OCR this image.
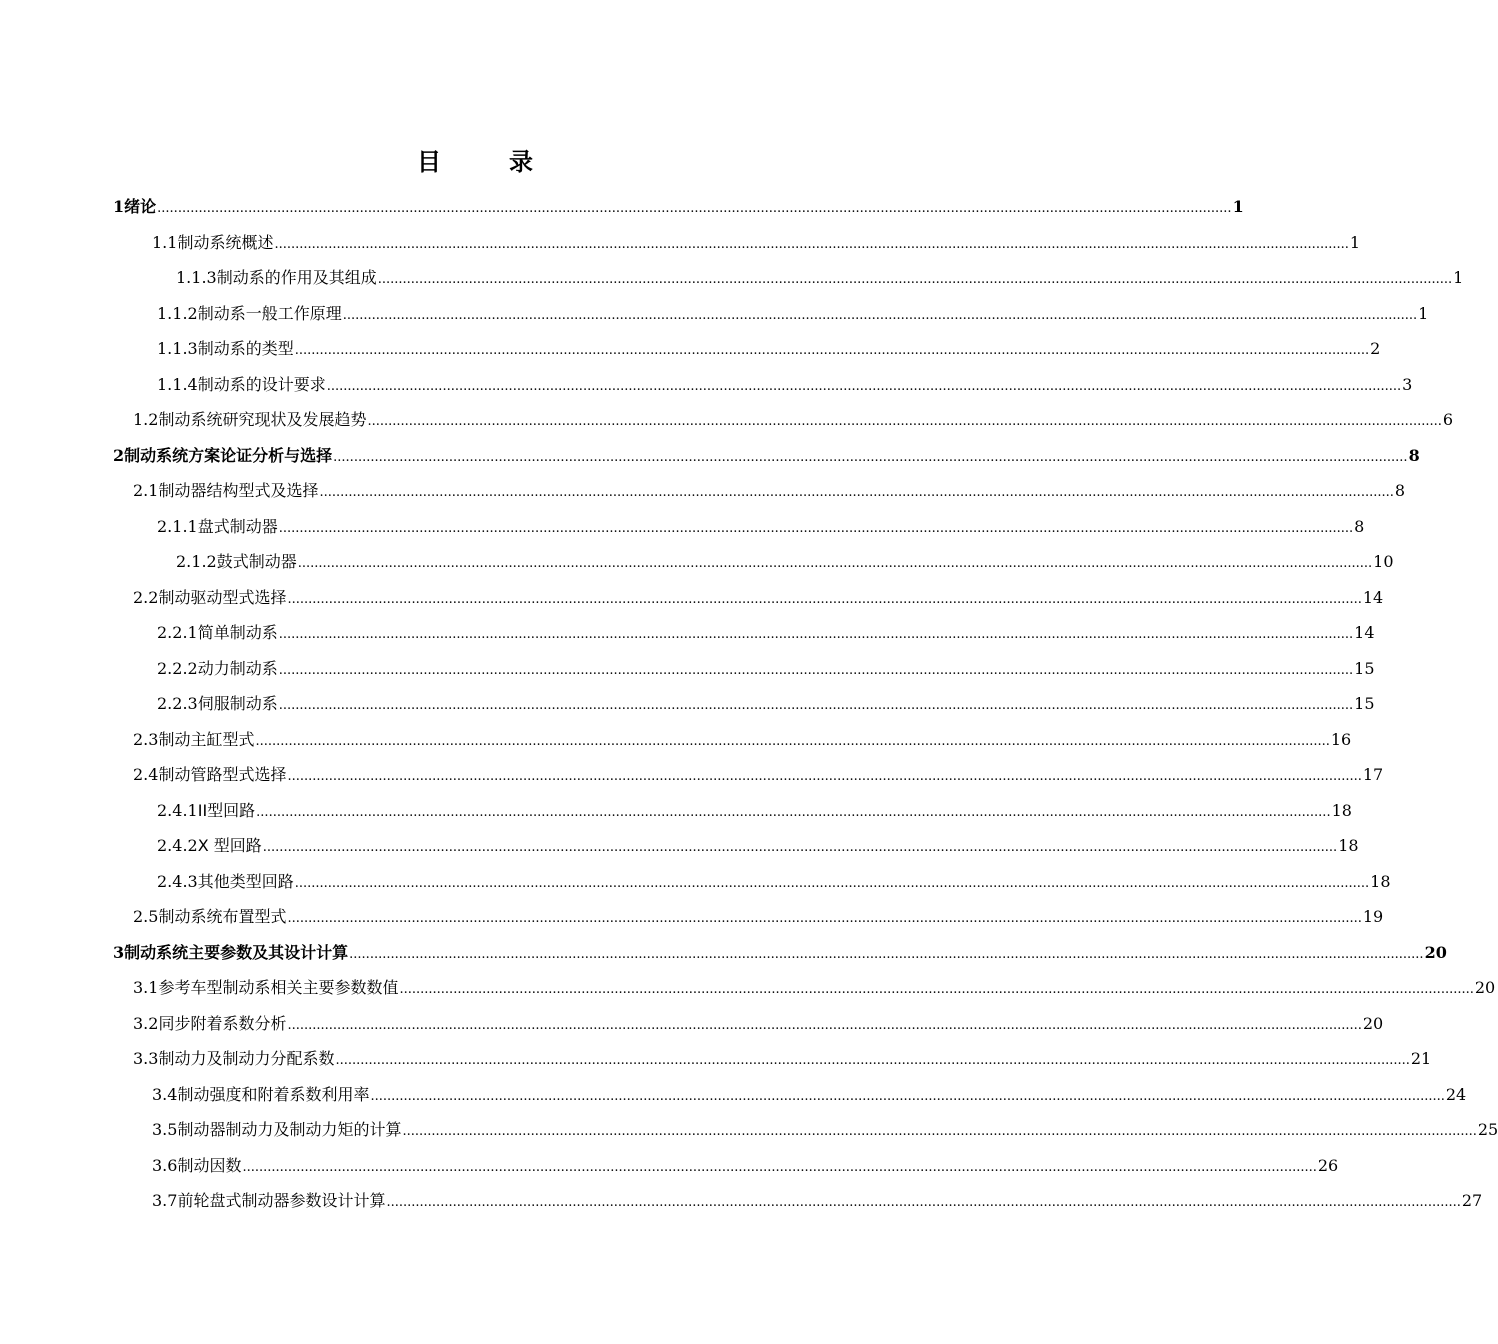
目　录
1 绪论 .................................................................................................................................................................................................................................................................... 1
1.1 制动系统概述 .................................................................................................................................................................................................................................................................... 1
1.1.3 制动系的作用及其组成 .................................................................................................................................................................................................................................................................... 1
1.1.2 制动系一般工作原理 .................................................................................................................................................................................................................................................................... 1
1.1.3 制动系的类型 .................................................................................................................................................................................................................................................................... 2
1.1.4 制动系的设计要求 .................................................................................................................................................................................................................................................................... 3
1.2 制动系统研究现状及发展趋势 .................................................................................................................................................................................................................................................................... 6
2 制动系统方案论证分析与选择 .................................................................................................................................................................................................................................................................... 8
2.1 制动器结构型式及选择 .................................................................................................................................................................................................................................................................... 8
2.1.1 盘式制动器 .................................................................................................................................................................................................................................................................... 8
2.1.2 鼓式制动器 .................................................................................................................................................................................................................................................................... 10
2.2 制动驱动型式选择 .................................................................................................................................................................................................................................................................... 14
2.2.1 简单制动系 .................................................................................................................................................................................................................................................................... 14
2.2.2 动力制动系 .................................................................................................................................................................................................................................................................... 15
2.2.3 伺服制动系 .................................................................................................................................................................................................................................................................... 15
2.3 制动主缸型式 .................................................................................................................................................................................................................................................................... 16
2.4 制动管路型式选择 .................................................................................................................................................................................................................................................................... 17
2.4.1 II型回路 .................................................................................................................................................................................................................................................................... 18
2.4.2 X 型回路 .................................................................................................................................................................................................................................................................... 18
2.4.3 其他类型回路 .................................................................................................................................................................................................................................................................... 18
2.5 制动系统布置型式 .................................................................................................................................................................................................................................................................... 19
3 制动系统主要参数及其设计计算 .................................................................................................................................................................................................................................................................... 20
3.1 参考车型制动系相关主要参数数值 .................................................................................................................................................................................................................................................................... 20
3.2 同步附着系数分析 .................................................................................................................................................................................................................................................................... 20
3.3 制动力及制动力分配系数 .................................................................................................................................................................................................................................................................... 21
3.4 制动强度和附着系数利用率 .................................................................................................................................................................................................................................................................... 24
3.5 制动器制动力及制动力矩的计算 .................................................................................................................................................................................................................................................................... 25
3.6 制动因数 .................................................................................................................................................................................................................................................................... 26
3.7 前轮盘式制动器参数设计计算 .................................................................................................................................................................................................................................................................... 27
